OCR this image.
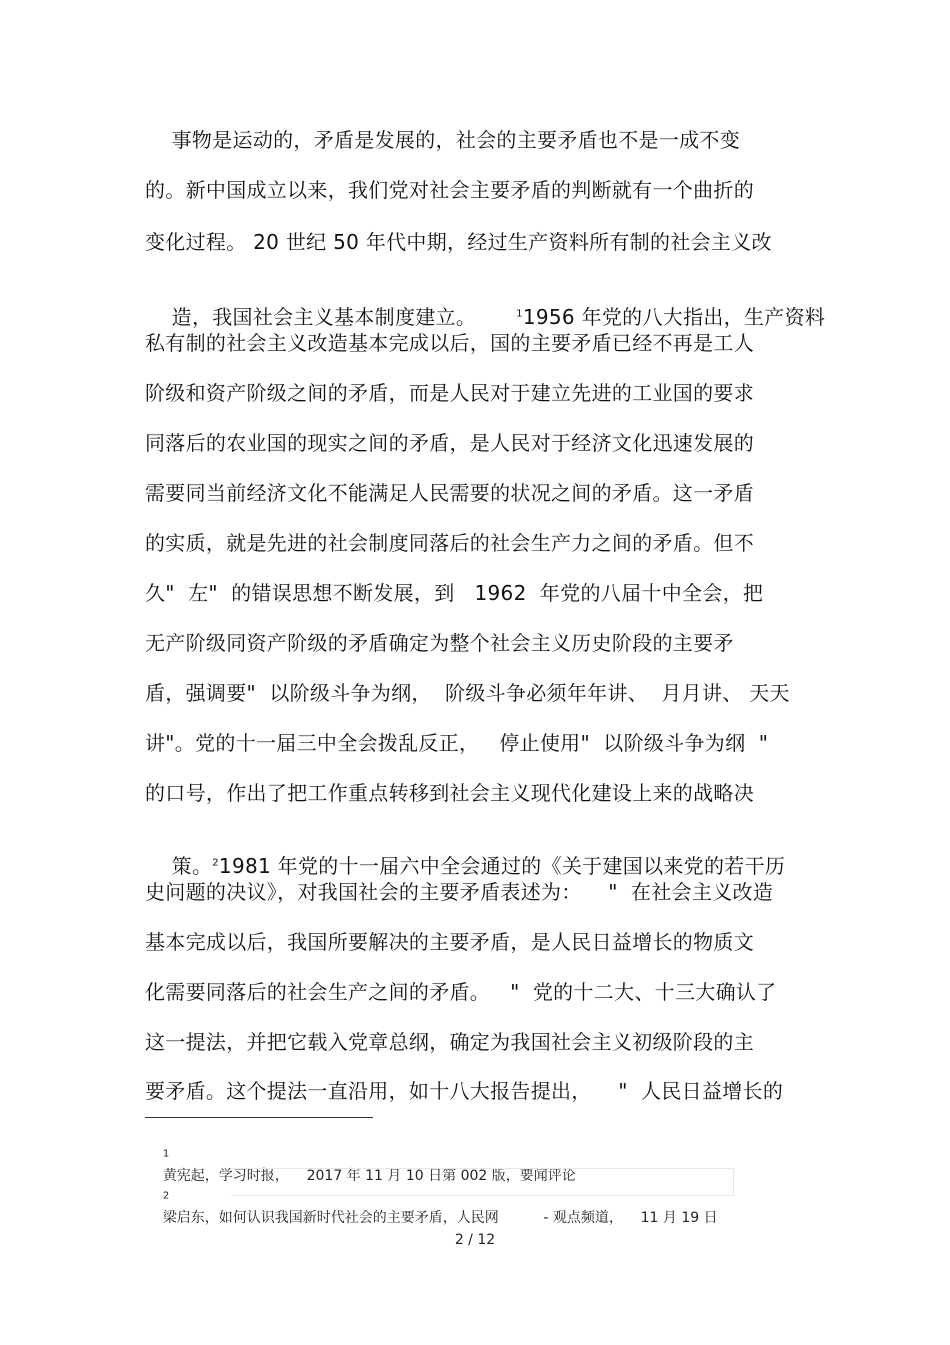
事物是运动的，矛盾是发展的，社会的主要矛盾也不是一成不变
的。新中国成立以来，我们党对社会主要矛盾的判断就有一个曲折的
变化过程。 20 世纪 50 年代中期，经过生产资料所有制的社会主义改

造，我国社会主义基本制度建立。	$^1$1956 年党的八大指出，生产资料

私有制的社会主义改造基本完成以后，国的主要矛盾已经不再是工人
阶级和资产阶级之间的矛盾，而是人民对于建立先进的工业国的要求
同落后的农业国的现实之间的矛盾，是人民对于经济文化迅速发展的
需要同当前经济文化不能满足人民需要的状况之间的矛盾。这一矛盾
的实质，就是先进的社会制度同落后的社会生产力之间的矛盾。但不
久"  左"  的错误思想不断发展，到   1962  年党的八届十中全会，把
无产阶级同资产阶级的矛盾确定为整个社会主义历史阶段的主要矛
盾，强调要"  以阶级斗争为纲，  阶级斗争必须年年讲、  月月讲、 天天
讲"。党的十一届三中全会拨乱反正，   停止使用"  以阶级斗争为纲  "
的口号，作出了把工作重点转移到社会主义现代化建设上来的战略决

策。$^2$1981 年党的十一届六中全会通过的《关于建国以来党的若干历

史问题的决议》，对我国社会的主要矛盾表述为：    "  在社会主义改造
基本完成以后，我国所要解决的主要矛盾，是人民日益增长的物质文
化需要同落后的社会生产之间的矛盾。   "  党的十二大、十三大确认了
这一提法，并把它载入党章总纲，确定为我国社会主义初级阶段的主
要矛盾。这个提法一直沿用，如十八大报告提出，    "  人民日益增长的

$^1$
黄宪起，学习时报，    2017 年 11 月 10 日第 002 版，要闻评论

$^2$
梁启东，如何认识我国新时代社会的主要矛盾，人民网          - 观点频道，    11 月 19 日

2 / 12
